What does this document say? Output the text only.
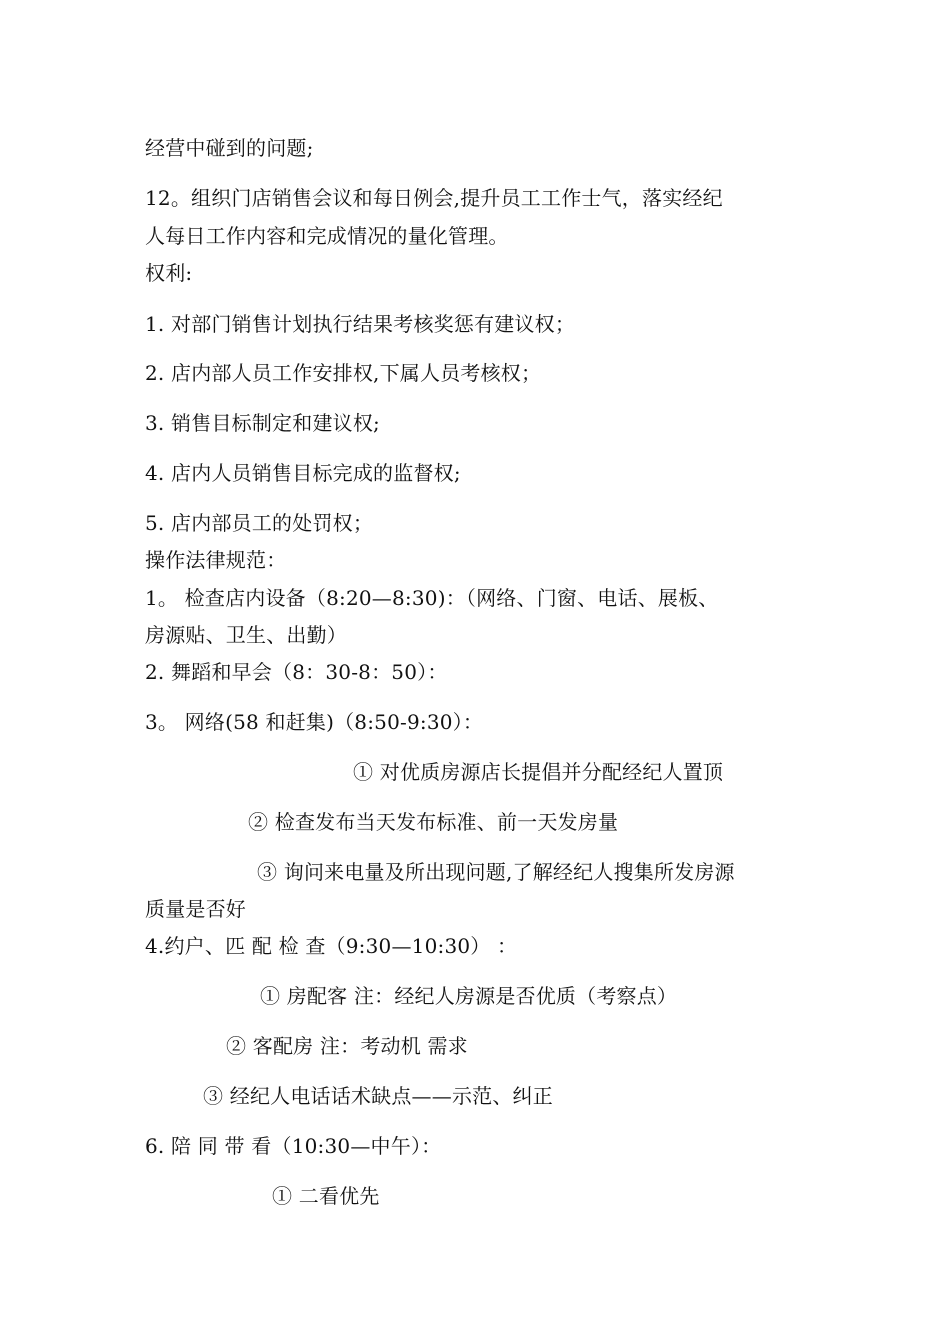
经营中碰到的问题;
12。组织门店销售会议和每日例会,提升员工工作士气，落实经纪
人每日工作内容和完成情况的量化管理。
权利:
1. 对部门销售计划执行结果考核奖惩有建议权；
2. 店内部人员工作安排权,下属人员考核权；
3. 销售目标制定和建议权;
4. 店内人员销售目标完成的监督权;
5. 店内部员工的处罚权；
操作法律规范：
1。 检查店内设备（8:20—8:30)：（网络、门窗、电话、展板、
房源贴、卫生、出勤）
2. 舞蹈和早会（8：30-8：50）：
3。 网络(58 和赶集)（8:50-9:30）：
① 对优质房源店长提倡并分配经纪人置顶
② 检查发布当天发布标准、前一天发房量
③ 询问来电量及所出现问题,了解经纪人搜集所发房源
质量是否好
4.约户、匹 配 检 查（9:30—10:30） ：
① 房配客 注：经纪人房源是否优质（考察点）
② 客配房 注：考动机 需求
③ 经纪人电话话术缺点——示范、纠正
6. 陪 同 带 看（10:30—中午）：
① 二看优先
